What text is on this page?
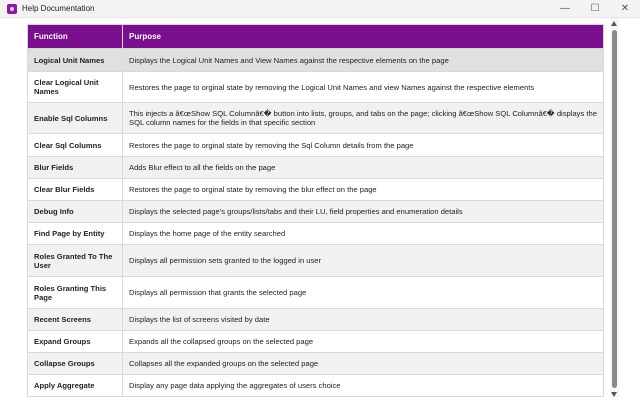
Help Documentation	—	☐	✕
Function	Purpose
Logical Unit Names	Displays the Logical Unit Names and View Names against the respective elements on the page
Clear Logical Unit Names	Restores the page to orginal state by removing the Logical Unit Names and view Names against the respective elements
Enable Sql Columns	This injects a â€œShow SQL Columnâ€� button into lists, groups, and tabs on the page; clicking â€œShow SQL Columnâ€� displays the SQL column names for the fields in that specific section
Clear Sql Columns	Restores the page to orginal state by removing the Sql Column details from the page
Blur Fields	Adds Blur effect to all the fields on the page
Clear Blur Fields	Restores the page to orginal state by removing the blur effect on the page
Debug Info	Displays the selected page's groups/lists/tabs and their LU, field properties and enumeration details
Find Page by Entity	Displays the home page of the entity searched
Roles Granted To The User	Displays all permission sets granted to the logged in user
Roles Granting This Page	Displays all permission that grants the selected page
Recent Screens	Displays the list of screens visited by date
Expand Groups	Expands all the collapsed groups on the selected page
Collapse Groups	Collapses all the expanded groups on the selected page
Apply Aggregate	Display any page data applying the aggregates of users choice
